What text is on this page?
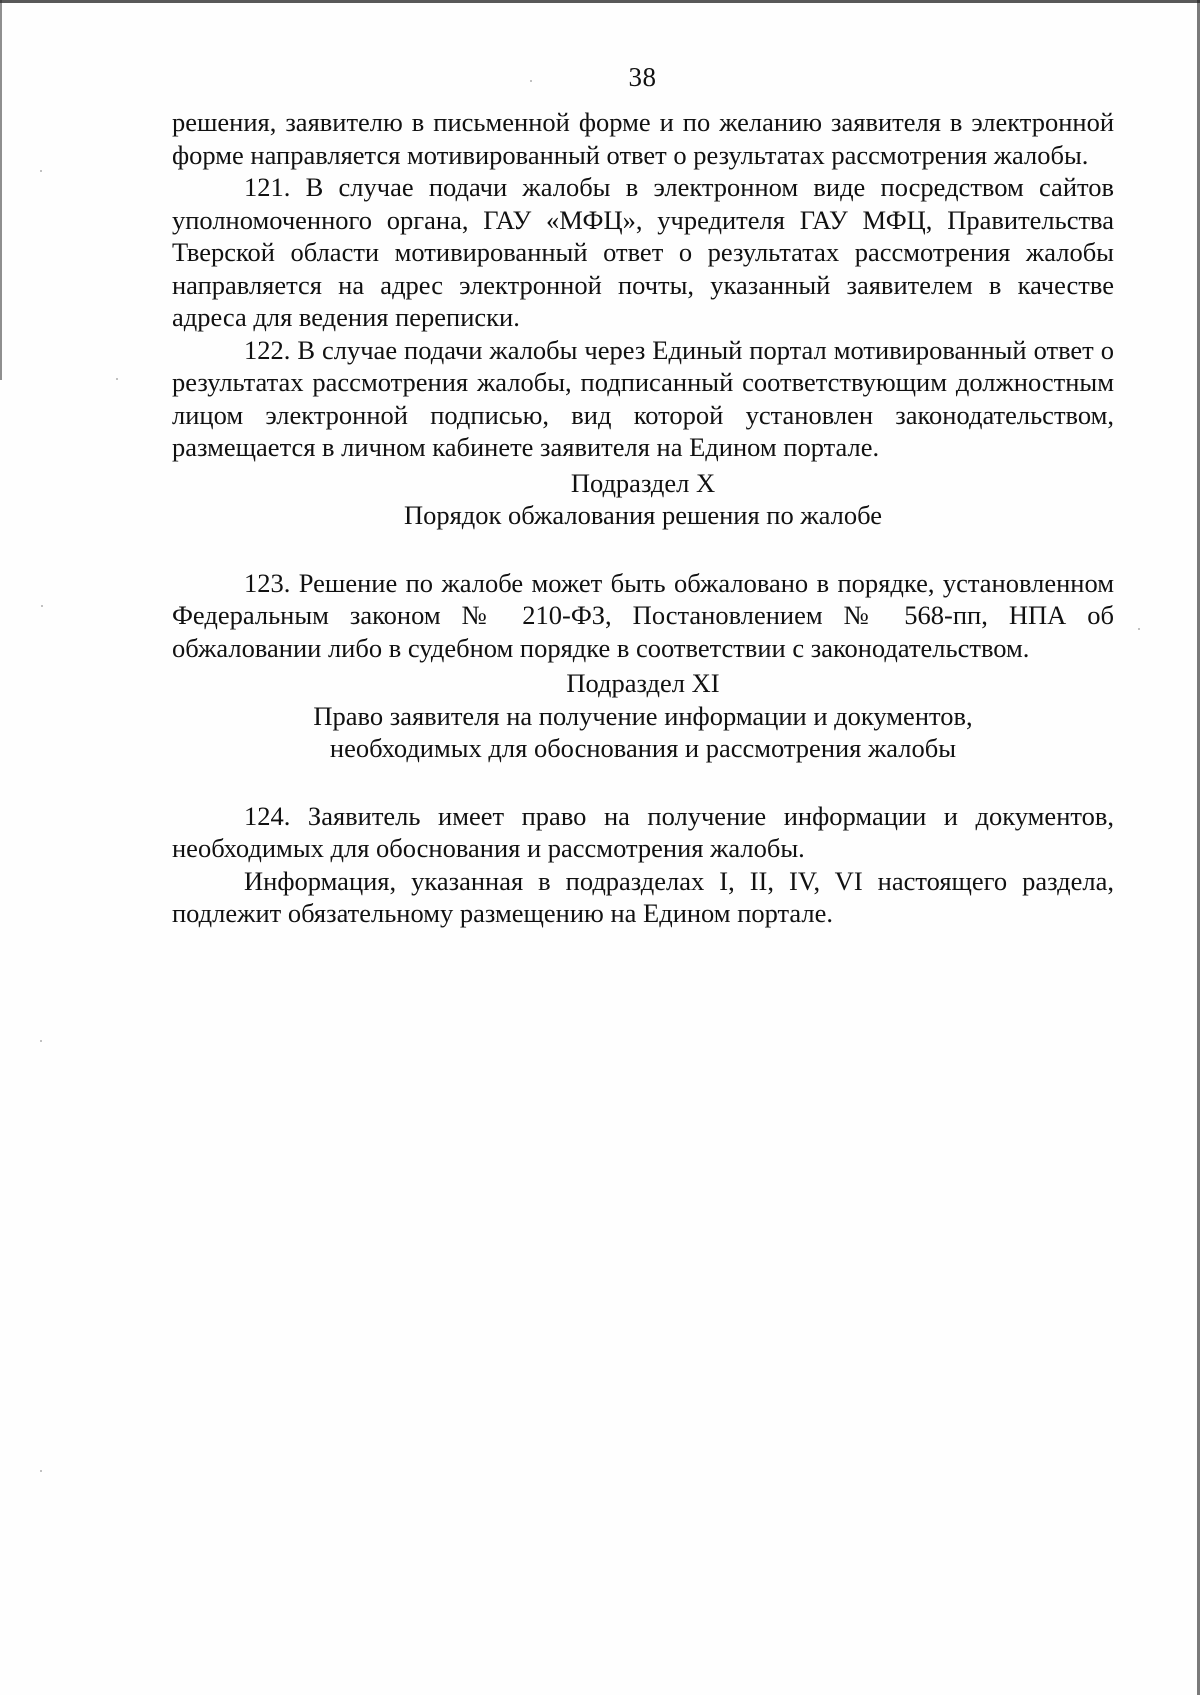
38

решения, заявителю в письменной форме и по желанию заявителя в электронной форме направляется мотивированный ответ о результатах рассмотрения жалобы.

121. В случае подачи жалобы в электронном виде посредством сайтов уполномоченного органа, ГАУ «МФЦ», учредителя ГАУ МФЦ, Правительства Тверской области мотивированный ответ о результатах рассмотрения жалобы направляется на адрес электронной почты, указанный заявителем в качестве адреса для ведения переписки.

122. В случае подачи жалобы через Единый портал мотивированный ответ о результатах рассмотрения жалобы, подписанный соответствующим должностным лицом электронной подписью, вид которой установлен законодательством, размещается в личном кабинете заявителя на Едином портале.

Подраздел X
Порядок обжалования решения по жалобе

123. Решение по жалобе может быть обжаловано в порядке, установленном Федеральным законом № 210-ФЗ, Постановлением № 568-пп, НПА об обжаловании либо в судебном порядке в соответствии с законодательством.

Подраздел XI
Право заявителя на получение информации и документов,
необходимых для обоснования и рассмотрения жалобы

124. Заявитель имеет право на получение информации и документов, необходимых для обоснования и рассмотрения жалобы.

Информация, указанная в подразделах I, II, IV, VI настоящего раздела, подлежит обязательному размещению на Едином портале.
